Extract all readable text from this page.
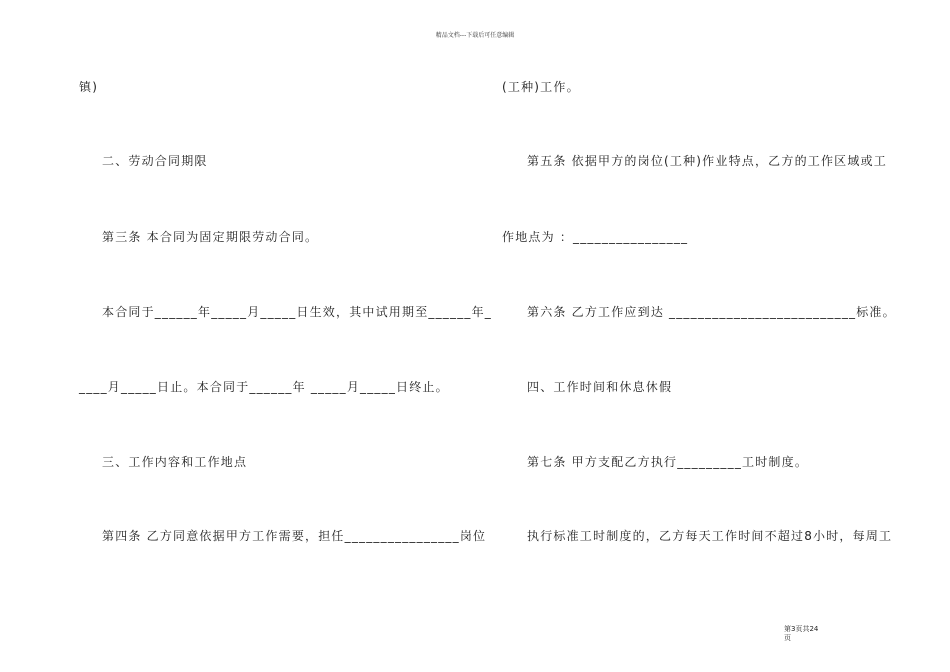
精品文档---下载后可任意编辑
镇)
二、劳动合同期限
第三条 本合同为固定期限劳动合同。
本合同于______年_____月_____日生效，其中试用期至______年_
____月_____日止。本合同于______年 _____月_____日终止。
三、工作内容和工作地点
第四条 乙方同意依据甲方工作需要，担任________________岗位
(工种)工作。
第五条 依据甲方的岗位(工种)作业特点，乙方的工作区域或工
作地点为 ：________________
第六条 乙方工作应到达 __________________________标准。
四、工作时间和休息休假
第七条 甲方支配乙方执行_________工时制度。
执行标准工时制度的，乙方每天工作时间不超过8小时，每周工
第3页共24
页
